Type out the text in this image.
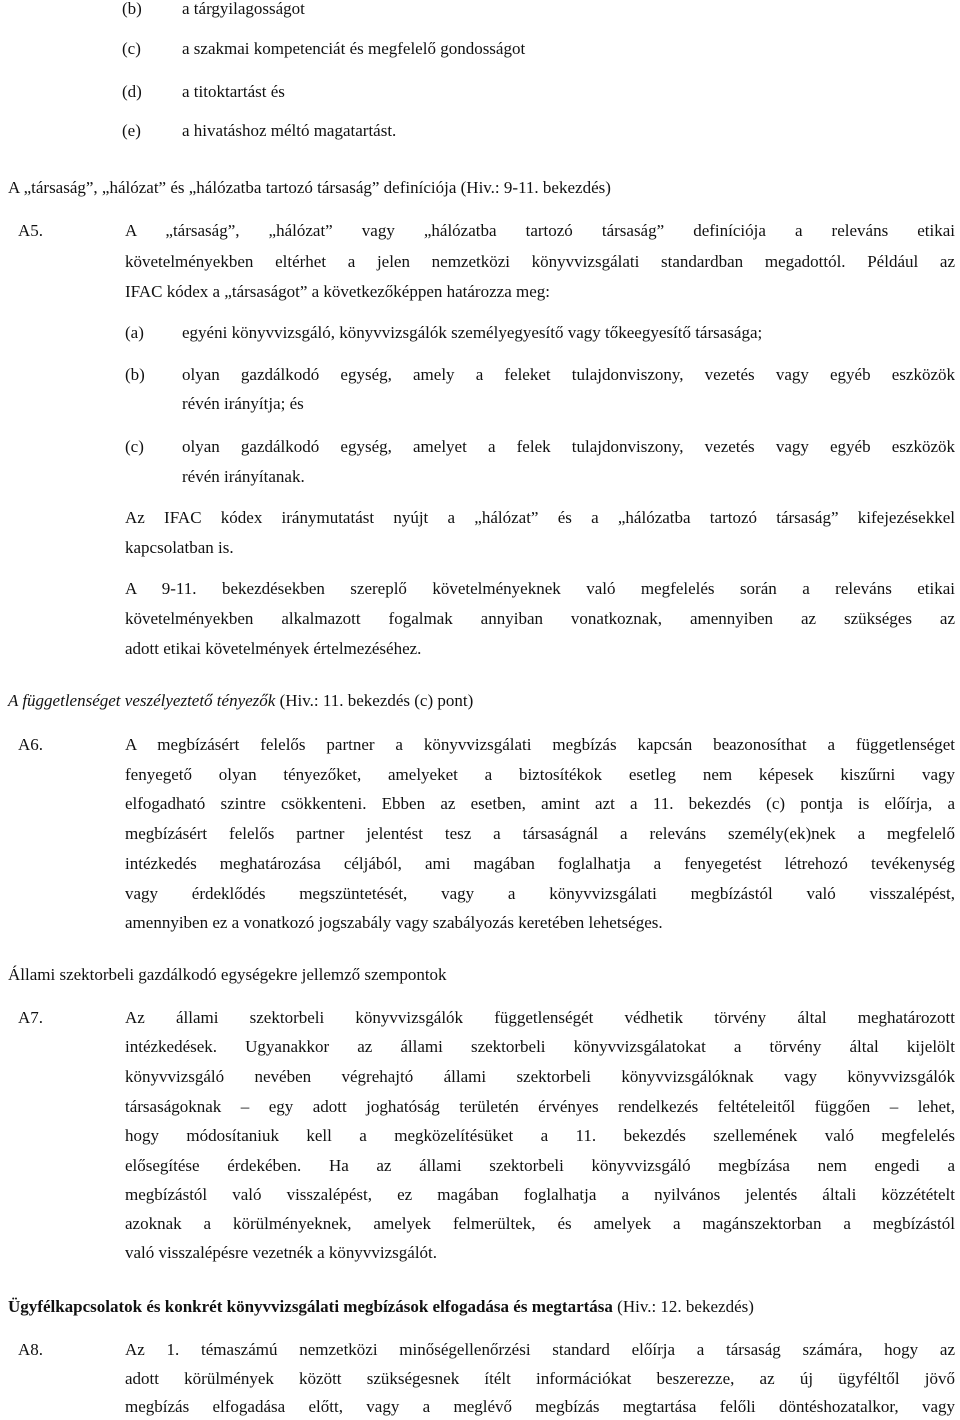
(b) a tárgyilagosságot
(c) a szakmai kompetenciát és megfelelő gondosságot
(d) a titoktartást és
(e) a hivatáshoz méltó magatartást.
A „társaság”, „hálózat” és „hálózatba tartozó társaság” definíciója (Hiv.: 9-11. bekezdés)
A5.	A „társaság”, „hálózat” vagy „hálózatba tartozó társaság” definíciója a releváns etikai
követelményekben eltérhet a jelen nemzetközi könyvvizsgálati standardban megadottól. Például az
IFAC kódex a „társaságot” a következőképpen határozza meg:
(a) egyéni könyvvizsgáló, könyvvizsgálók személyegyesítő vagy tőkeegyesítő társasága;
(b) olyan gazdálkodó egység, amely a feleket tulajdonviszony, vezetés vagy egyéb eszközök
révén irányítja; és
(c) olyan gazdálkodó egység, amelyet a felek tulajdonviszony, vezetés vagy egyéb eszközök
révén irányítanak.
Az IFAC kódex iránymutatást nyújt a „hálózat” és a „hálózatba tartozó társaság” kifejezésekkel
kapcsolatban is.
A 9-11. bekezdésekben szereplő követelményeknek való megfelelés során a releváns etikai
követelményekben alkalmazott fogalmak annyiban vonatkoznak, amennyiben az szükséges az
adott etikai követelmények értelmezéséhez.
A függetlenséget veszélyeztető tényezők (Hiv.: 11. bekezdés (c) pont)
A6.	A megbízásért felelős partner a könyvvizsgálati megbízás kapcsán beazonosíthat a függetlenséget
fenyegető olyan tényezőket, amelyeket a biztosítékok esetleg nem képesek kiszűrni vagy
elfogadható szintre csökkenteni. Ebben az esetben, amint azt a 11. bekezdés (c) pontja is előírja, a
megbízásért felelős partner jelentést tesz a társaságnál a releváns személy(ek)nek a megfelelő
intézkedés meghatározása céljából, ami magában foglalhatja a fenyegetést létrehozó tevékenység
vagy érdeklődés megszüntetését, vagy a könyvvizsgálati megbízástól való visszalépést,
amennyiben ez a vonatkozó jogszabály vagy szabályozás keretében lehetséges.
Állami szektorbeli gazdálkodó egységekre jellemző szempontok
A7.	Az állami szektorbeli könyvvizsgálók függetlenségét védhetik törvény által meghatározott
intézkedések. Ugyanakkor az állami szektorbeli könyvvizsgálatokat a törvény által kijelölt
könyvvizsgáló nevében végrehajtó állami szektorbeli könyvvizsgálóknak vagy könyvvizsgálók
társaságoknak – egy adott joghatóság területén érvényes rendelkezés feltételeitől függően – lehet,
hogy módosítaniuk kell a megközelítésüket a 11. bekezdés szellemének való megfelelés
elősegítése érdekében. Ha az állami szektorbeli könyvvizsgáló megbízása nem engedi a
megbízástól való visszalépést, ez magában foglalhatja a nyilvános jelentés általi közzétételt
azoknak a körülményeknek, amelyek felmerültek, és amelyek a magánszektorban a megbízástól
való visszalépésre vezetnék a könyvvizsgálót.
Ügyfélkapcsolatok és konkrét könyvvizsgálati megbízások elfogadása és megtartása (Hiv.: 12. bekezdés)
A8.	Az 1. témaszámú nemzetközi minőségellenőrzési standard előírja a társaság számára, hogy az
adott körülmények között szükségesnek ítélt információkat beszerezze, az új ügyféltől jövő
megbízás elfogadása előtt, vagy a meglévő megbízás megtartása felőli döntéshozatalkor, vagy
